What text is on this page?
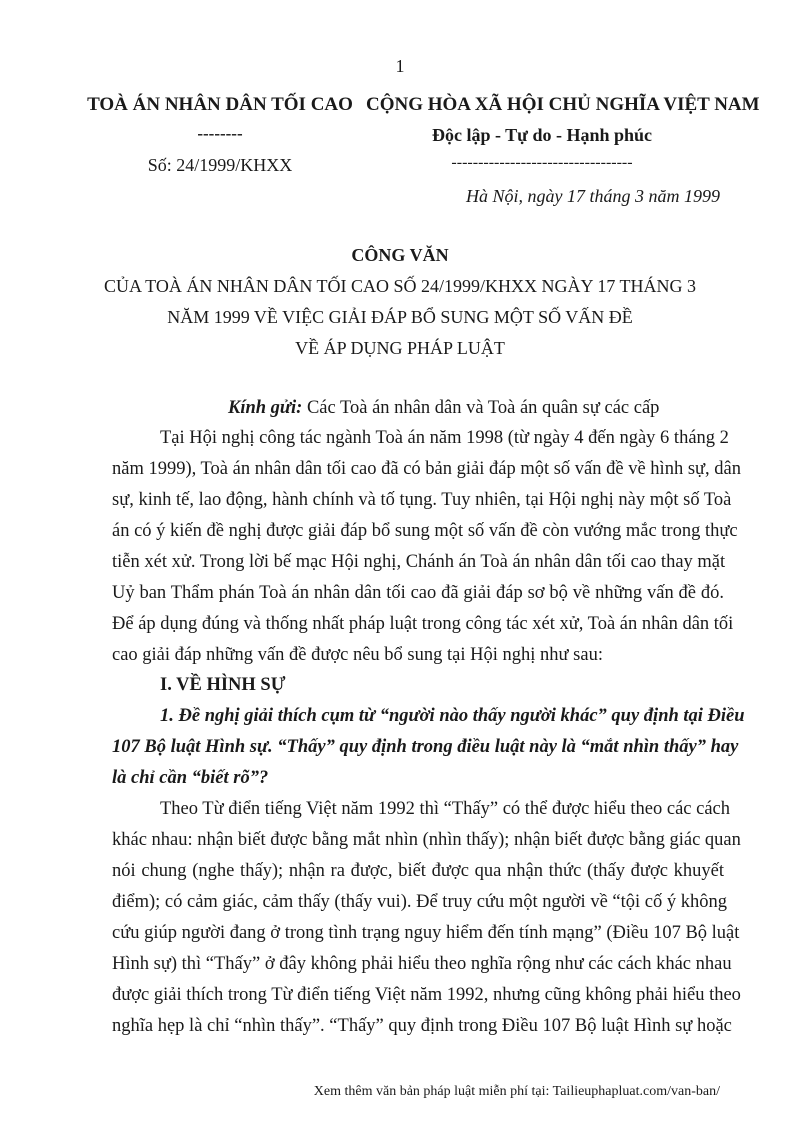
1
TOÀ ÁN NHÂN DÂN TỐI CAO
--------
Số: 24/1999/KHXX
CỘNG HÒA XÃ HỘI CHỦ NGHĨA VIỆT NAM
Độc lập - Tự do - Hạnh phúc
----------------------------------
Hà Nội, ngày 17 tháng 3 năm 1999
CÔNG VĂN
CỦA TOÀ ÁN NHÂN DÂN TỐI CAO SỐ 24/1999/KHXX NGÀY 17 THÁNG 3
NĂM 1999 VỀ VIỆC GIẢI ĐÁP BỔ SUNG MỘT SỐ VẤN ĐỀ
VỀ ÁP DỤNG PHÁP LUẬT
Kính gửi: Các Toà án nhân dân và Toà án quân sự các cấp
Tại Hội nghị công tác ngành Toà án năm 1998 (từ ngày 4 đến ngày 6 tháng 2
năm 1999), Toà án nhân dân tối cao đã có bản giải đáp một số vấn đề về hình sự, dân
sự, kinh tế, lao động, hành chính và tố tụng. Tuy nhiên, tại Hội nghị này một số Toà
án có ý kiến đề nghị được giải đáp bổ sung một số vấn đề còn vướng mắc trong thực
tiễn xét xử. Trong lời bế mạc Hội nghị, Chánh án Toà án nhân dân tối cao thay mặt
Uỷ ban Thẩm phán Toà án nhân dân tối cao đã giải đáp sơ bộ về những vấn đề đó.
Để áp dụng đúng và thống nhất pháp luật trong công tác xét xử, Toà án nhân dân tối
cao giải đáp những vấn đề được nêu bổ sung tại Hội nghị như sau:
I. VỀ HÌNH SỰ
1. Đề nghị giải thích cụm từ “người nào thấy người khác” quy định tại Điều
107 Bộ luật Hình sự. “Thấy” quy định trong điều luật này là “mắt nhìn thấy” hay
là chỉ cần “biết rõ”?
Theo Từ điển tiếng Việt năm 1992 thì “Thấy” có thể được hiểu theo các cách
khác nhau: nhận biết được bằng mắt nhìn (nhìn thấy); nhận biết được bằng giác quan
nói chung (nghe thấy); nhận ra được, biết được qua nhận thức (thấy được khuyết
điểm); có cảm giác, cảm thấy (thấy vui). Để truy cứu một người về “tội cố ý không
cứu giúp người đang ở trong tình trạng nguy hiểm đến tính mạng” (Điều 107 Bộ luật
Hình sự) thì “Thấy” ở đây không phải hiểu theo nghĩa rộng như các cách khác nhau
được giải thích trong Từ điển tiếng Việt năm 1992, nhưng cũng không phải hiểu theo
nghĩa hẹp là chỉ “nhìn thấy”. “Thấy” quy định trong Điều 107 Bộ luật Hình sự hoặc
Xem thêm văn bản pháp luật miễn phí tại: Tailieuphapluat.com/van-ban/
